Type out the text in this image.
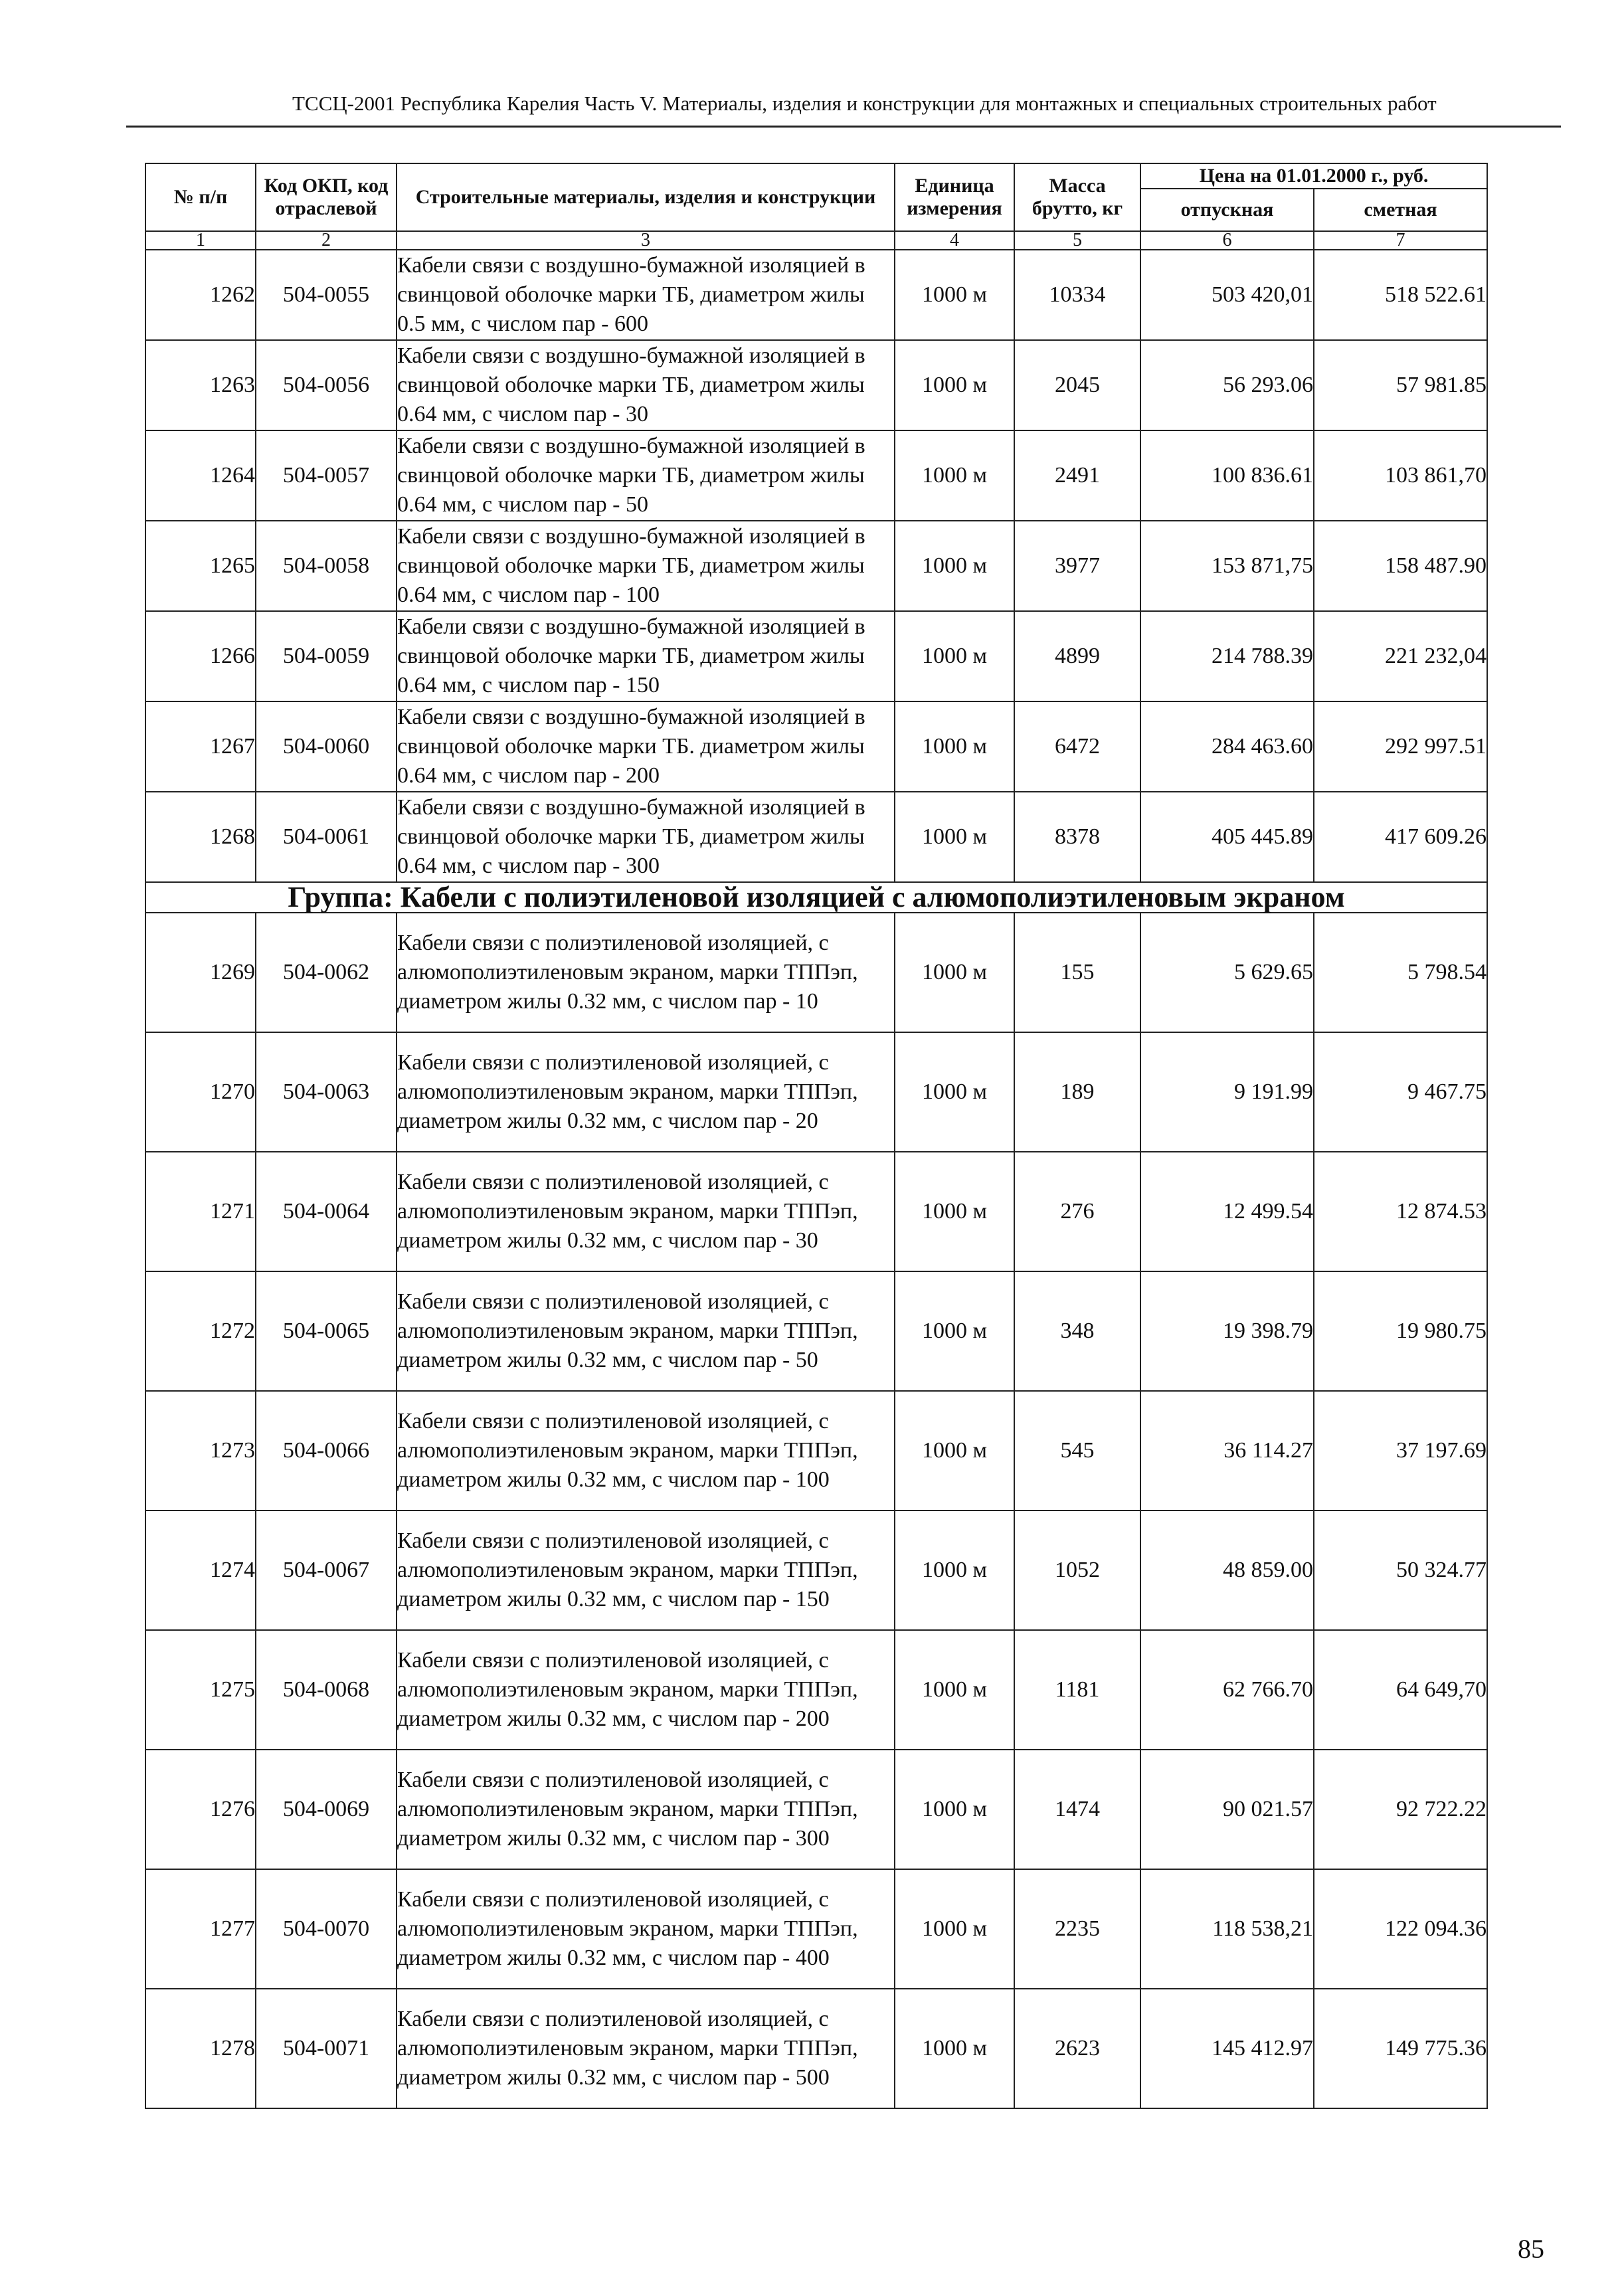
ТССЦ-2001 Республика Карелия Часть V. Материалы, изделия и конструкции для монтажных и специальных строительных работ
№ п/п	Код ОКП, код отраслевой	Строительные материалы, изделия и конструкции	Единица измерения	Масса брутто, кг	Цена на 01.01.2000 г., руб.	
					отпускная	сметная
1	2	3	4	5	6	7
1262	504-0055	Кабели связи с воздушно-бумажной изоляцией в свинцовой оболочке марки ТБ, диаметром жилы 0.5 мм, с числом пар - 600	1000 м	10334	503 420,01	518 522.61
1263	504-0056	Кабели связи с воздушно-бумажной изоляцией в свинцовой оболочке марки ТБ, диаметром жилы 0.64 мм, с числом пар - 30	1000 м	2045	56 293.06	57 981.85
1264	504-0057	Кабели связи с воздушно-бумажной изоляцией в свинцовой оболочке марки ТБ, диаметром жилы 0.64 мм, с числом пар - 50	1000 м	2491	100 836.61	103 861,70
1265	504-0058	Кабели связи с воздушно-бумажной изоляцией в свинцовой оболочке марки ТБ, диаметром жилы 0.64 мм, с числом пар - 100	1000 м	3977	153 871,75	158 487.90
1266	504-0059	Кабели связи с воздушно-бумажной изоляцией в свинцовой оболочке марки ТБ, диаметром жилы 0.64 мм, с числом пар - 150	1000 м	4899	214 788.39	221 232,04
1267	504-0060	Кабели связи с воздушно-бумажной изоляцией в свинцовой оболочке марки ТБ. диаметром жилы 0.64 мм, с числом пар - 200	1000 м	6472	284 463.60	292 997.51
1268	504-0061	Кабели связи с воздушно-бумажной изоляцией в свинцовой оболочке марки ТБ, диаметром жилы 0.64 мм, с числом пар - 300	1000 м	8378	405 445.89	417 609.26
Группа: Кабели с полиэтиленовой изоляцией с алюмополиэтиленовым экраном						
1269	504-0062	Кабели связи с полиэтиленовой изоляцией, с алюмополиэтиленовым экраном, марки ТППэп, диаметром жилы 0.32 мм, с числом пар - 10	1000 м	155	5 629.65	5 798.54
1270	504-0063	Кабели связи с полиэтиленовой изоляцией, с алюмополиэтиленовым экраном, марки ТППэп, диаметром жилы 0.32 мм, с числом пар - 20	1000 м	189	9 191.99	9 467.75
1271	504-0064	Кабели связи с полиэтиленовой изоляцией, с алюмополиэтиленовым экраном, марки ТППэп, диаметром жилы 0.32 мм, с числом пар - 30	1000 м	276	12 499.54	12 874.53
1272	504-0065	Кабели связи с полиэтиленовой изоляцией, с алюмополиэтиленовым экраном, марки ТППэп, диаметром жилы 0.32 мм, с числом пар - 50	1000 м	348	19 398.79	19 980.75
1273	504-0066	Кабели связи с полиэтиленовой изоляцией, с алюмополиэтиленовым экраном, марки ТППэп, диаметром жилы 0.32 мм, с числом пар - 100	1000 м	545	36 114.27	37 197.69
1274	504-0067	Кабели связи с полиэтиленовой изоляцией, с алюмополиэтиленовым экраном, марки ТППэп, диаметром жилы 0.32 мм, с числом пар - 150	1000 м	1052	48 859.00	50 324.77
1275	504-0068	Кабели связи с полиэтиленовой изоляцией, с алюмополиэтиленовым экраном, марки ТППэп, диаметром жилы 0.32 мм, с числом пар - 200	1000 м	1181	62 766.70	64 649,70
1276	504-0069	Кабели связи с полиэтиленовой изоляцией, с алюмополиэтиленовым экраном, марки ТППэп, диаметром жилы 0.32 мм, с числом пар - 300	1000 м	1474	90 021.57	92 722.22
1277	504-0070	Кабели связи с полиэтиленовой изоляцией, с алюмополиэтиленовым экраном, марки ТППэп, диаметром жилы 0.32 мм, с числом пар - 400	1000 м	2235	118 538,21	122 094.36
1278	504-0071	Кабели связи с полиэтиленовой изоляцией, с алюмополиэтиленовым экраном, марки ТППэп, диаметром жилы 0.32 мм, с числом пар - 500	1000 м	2623	145 412.97	149 775.36
85
